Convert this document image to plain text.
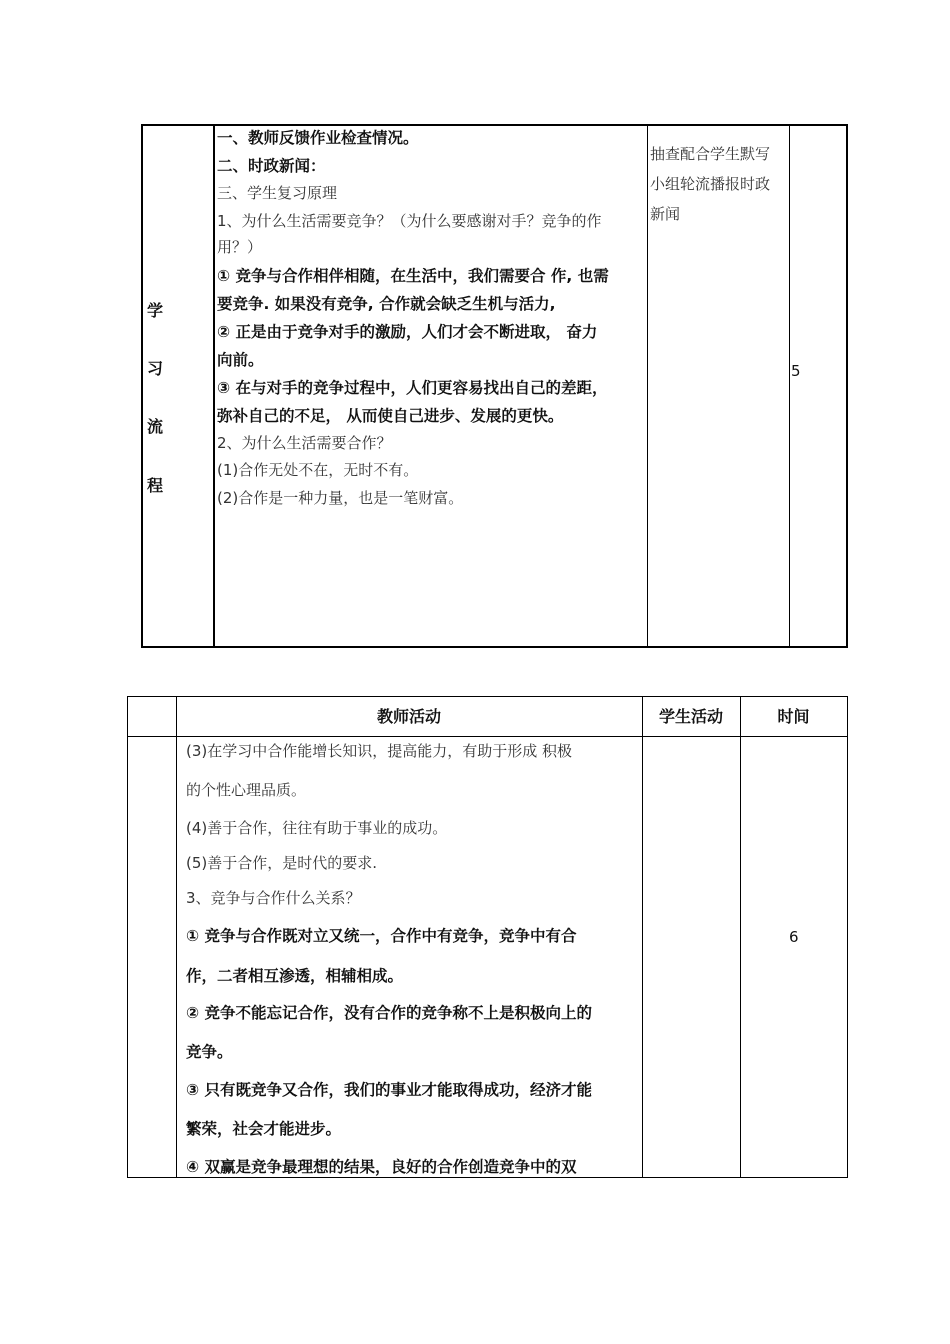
学
习
流
程
一、教师反馈作业检查情况。
二、时政新闻：
三、学生复习原理
1、为什么生活需要竞争？（为什么要感谢对手？竞争的作
用？）
① 竞争与合作相伴相随，在生活中，我们需要合 作, 也需
要竞争. 如果没有竞争, 合作就会缺乏生机与活力,
② 正是由于竞争对手的激励，人们才会不断进取， 奋力
向前。
③ 在与对手的竞争过程中，人们更容易找出自己的差距，
弥补自己的不足， 从而使自己进步、发展的更快。
2、为什么生活需要合作？
(1)合作无处不在，无时不有。
(2)合作是一种力量，也是一笔财富。
抽查配合学生默写
小组轮流播报时政
新闻
5
教师活动	学生活动	时间
(3)在学习中合作能增长知识，提高能力，有助于形成 积极
的个性心理品质。
(4)善于合作，往往有助于事业的成功。
(5)善于合作，是时代的要求.
3、竞争与合作什么关系？
① 竞争与合作既对立又统一，合作中有竞争，竞争中有合
作，二者相互渗透，相辅相成。
② 竞争不能忘记合作，没有合作的竞争称不上是积极向上的
竞争。
③ 只有既竞争又合作，我们的事业才能取得成功，经济才能
繁荣，社会才能进步。
④ 双赢是竞争最理想的结果，良好的合作创造竞争中的双
6
